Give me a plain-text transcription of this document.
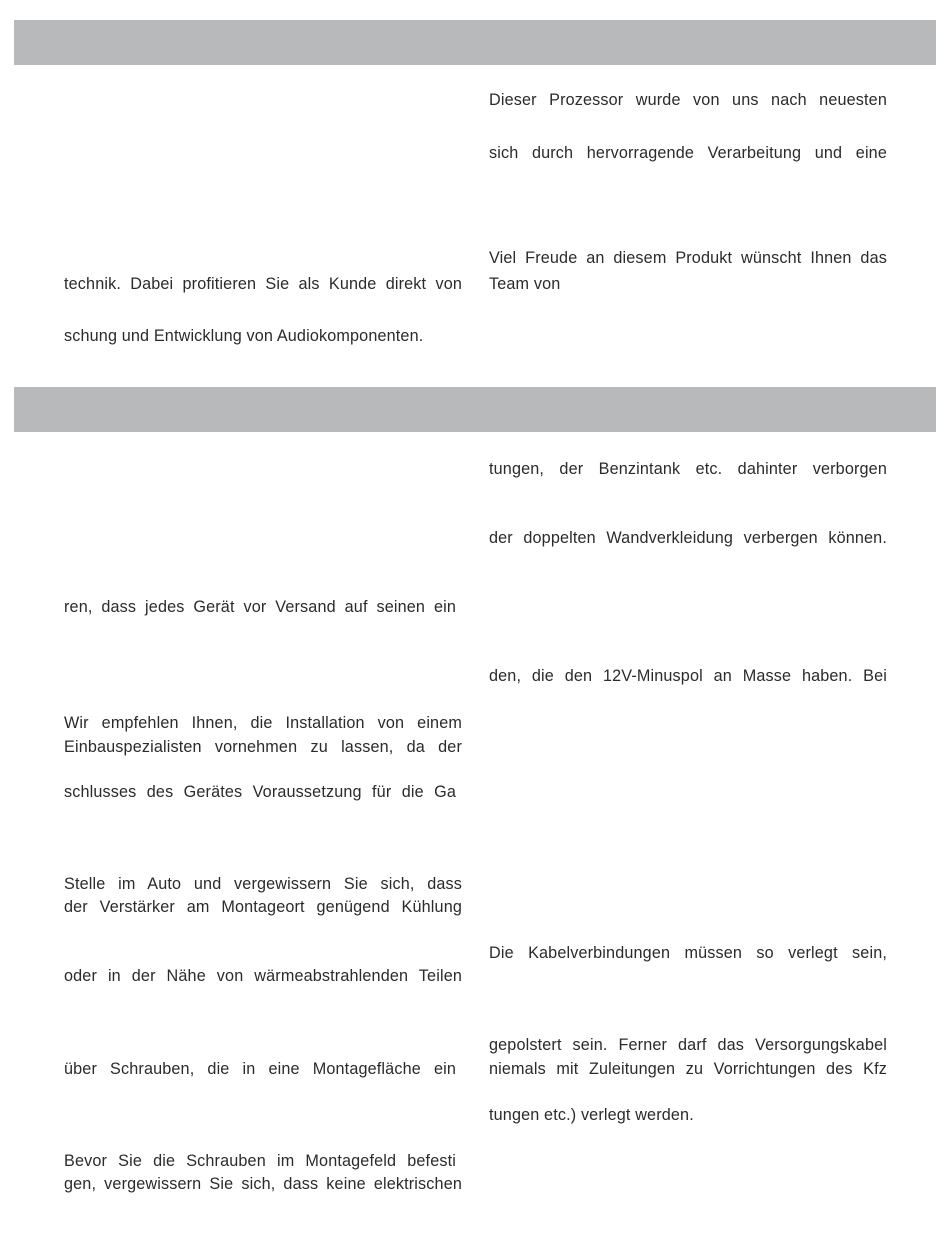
Dieser Prozessor wurde von uns nach neuesten
sich durch hervorragende Verarbeitung und eine
Viel Freude an diesem Produkt wünscht Ihnen das
Team von
technik. Dabei profitieren Sie als Kunde direkt von
schung und Entwicklung von Audiokomponenten.
tungen, der Benzintank etc. dahinter verborgen
der doppelten Wandverkleidung verbergen können.
ren, dass jedes Gerät vor Versand auf seinen ein
den, die den 12V-Minuspol an Masse haben. Bei
Wir empfehlen Ihnen, die Installation von einem
Einbauspezialisten vornehmen zu lassen, da der
schlusses des Gerätes Voraussetzung für die Ga
Stelle im Auto und vergewissern Sie sich, dass
der Verstärker am Montageort genügend Kühlung
Die Kabelverbindungen müssen so verlegt sein,
oder in der Nähe von wärmeabstrahlenden Teilen
gepolstert sein. Ferner darf das Versorgungskabel
über Schrauben, die in eine Montagefläche ein niemals mit Zuleitungen zu Vorrichtungen des Kfz
tungen etc.) verlegt werden.
Bevor Sie die Schrauben im Montagefeld befesti
gen, vergewissern Sie sich, dass keine elektrischen
